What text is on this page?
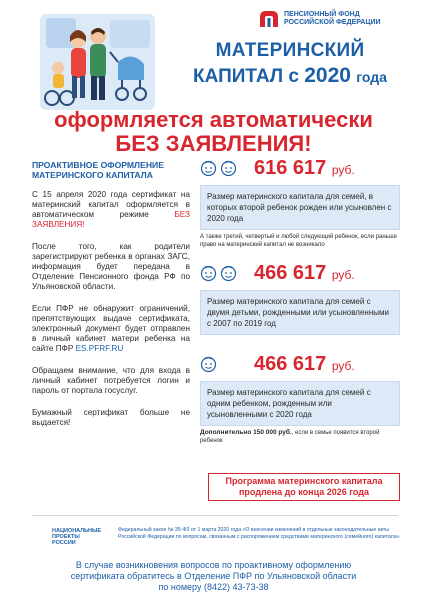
ПЕНСИОННЫЙ ФОНД
РОССИЙСКОЙ ФЕДЕРАЦИИ
МАТЕРИНСКИЙ
КАПИТАЛ с 2020 года
оформляется автоматически
БЕЗ ЗАЯВЛЕНИЯ!
ПРОАКТИВНОЕ ОФОРМЛЕНИЕ
МАТЕРИНСКОГО КАПИТАЛА

С 15 апреля 2020 года сертификат на материнский капитал оформляется в автоматическом режиме	БЕЗ ЗАЯВЛЕНИЯ!

После того, как родители зарегистрируют ребенка в органах ЗАГС, информация будет передана в Отделение Пенсионного фонда РФ по Ульяновской области.

Если ПФР не обнаружит ограничений, препятствующих выдаче сертификата, электронный документ будет отправлен в личный кабинет матери ребенка на сайте ПФР ES.PFRF.RU

Обращаем внимание, что для входа в личный кабинет потребуется логин и пароль от портала госуслуг.

Бумажный сертификат больше не выдается!

616 617 руб.
Размер материнского капитала для семей, в которых второй ребенок рожден или усыновлен с 2020 года
А также третий, четвертый и любой следующий ребенок, если раньше право на материнский капитал не возникало
466 617 руб.
Размер материнского капитала для семей с двумя детьми, рожденными или усыновленными с 2007 по 2019 год
466 617 руб.
Размер материнского капитала для семей с одним ребенком, рожденным или усыновленными с 2020 года
Дополнительно 150 000 руб., если в семье появится второй ребенок
Программа материнского капитала продлена до конца 2026 года
НАЦИОНАЛЬНЫЕ
ПРОЕКТЫ
РОССИИ
Федеральный закон № 35-ФЗ от 1 марта 2020 года «О внесении изменений в отдельные законодательные акты Российской Федерации по вопросам, связанным с распоряжением средствами материнского (семейного) капитала»
В случае возникновения вопросов по проактивному оформлению
сертификата обратитесь в Отделение ПФР по Ульяновской области
по номеру (8422) 43-73-38
